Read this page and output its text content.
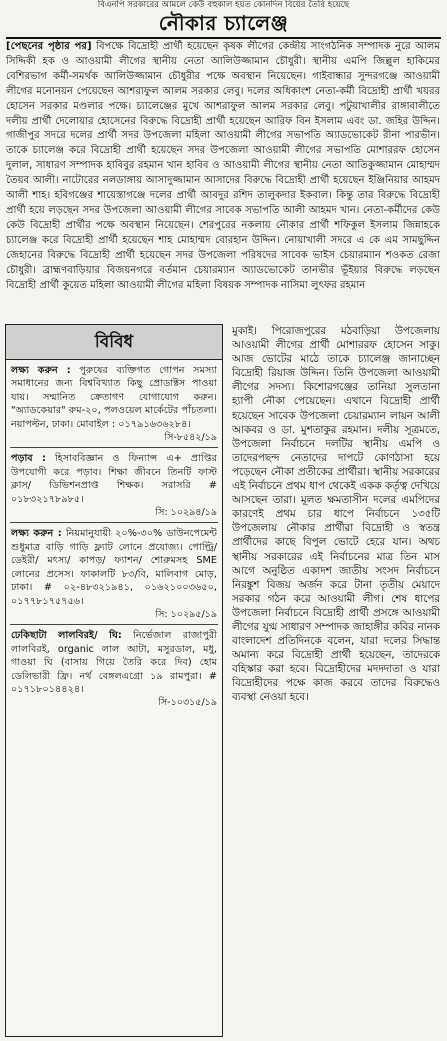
বিএনপি সরকারের আমলে কেউ বহুকাল হয়ত কোনদিন বিয়ের তৈরি হয়েছে
নৌকার চ্যালেঞ্জ
[পেছনের পৃষ্ঠার পর] বিপক্ষে বিদ্রোহী প্রার্থী হয়েছেন কৃষক লীগের কেন্দ্রীয় সাংগঠনিক সম্পাদক নুরে আলম সিদ্দিকী হক ও আওয়ামী লীগের স্থানীয় নেতা আলিউজ্জামান চৌধুরী। স্থানীয় এমপি জিল্লুল হাকিমের বেশিরভাগ কর্মী-সমর্থক আলিউজ্জামান চৌধুরীর পক্ষে অবস্থান নিয়েছেন। গাইবান্ধার সুন্দরগঞ্জে আওয়ামী লীগের মনোনয়ন পেয়েছেন আশরাফুল আলম সরকার লেবু। দলের অধিকাংশ নেতা-কর্মী বিদ্রোহী প্রার্থী খয়রর হোসেন সরকার মণ্ডলার পক্ষে। চ্যালেঞ্জের মুখে আশরাফুল আলম সরকার লেবু। পটুয়াখালীর রাঙ্গাবালীতে দলীয় প্রার্থী দেলোয়ার হোসেনের বিরুদ্ধে বিদ্রোহী প্রার্থী হয়েছেন আরিফ বিন ইসলাম এবং ডা. জহির উদ্দিন। গাজীপুর সদরে দলের প্রার্থী সদর উপজেলা মহিলা আওয়ামী লীগের সভাপতি অ্যাডভোকেট রীনা পারভীন। তাকে চ্যালেঞ্জ করে বিদ্রোহী প্রার্থী হয়েছেন সদর উপজেলা আওয়ামী লীগের সভাপতি মোশাররফ হোসেন দুলাল, সাধারণ সম্পাদক হাবিবুর রহমান খান হাবিব ও আওয়ামী লীগের স্থানীয় নেতা আতিকুজ্জামান মোহাম্মদ তৈয়ব আলী। নাটোরের নলডাঙ্গায় আসাদুজ্জামান আসাদের বিরুদ্ধে বিদ্রোহী প্রার্থী হয়েছেন ইঞ্জিনিয়ার আহমদ আলী শাহ। হবিগঞ্জের শায়েস্তাগঞ্জে দলের প্রার্থী আবদুর রশিদ তালুকদার ইকবাল। কিন্তু তার বিরুদ্ধে বিদ্রোহী প্রার্থী হয়ে লড়ছেন সদর উপজেলা আওয়ামী লীগের সাবেক সভাপতি আলী আহমদ খান। নেতা-কর্মীদের কেউ কেউ বিদ্রোহী প্রার্থীর পক্ষে অবস্থান নিয়েছেন। শেরপুরের নকলায় নৌকার প্রার্থী শফিকুল ইসলাম জিন্নাহকে চ্যালেঞ্জ করে বিদ্রোহী প্রার্থী হয়েছেন শাহ মোহাম্মদ বোরহান উদ্দিন। নোয়াখালী সদরে এ কে এম সামছুদ্দিন জেহানের বিরুদ্ধে বিদ্রোহী প্রার্থী হয়েছেন সদর উপজেলা পরিষদের সাবেক ভাইস চেয়ারম্যান শওকত রেজা চৌধুরী। ব্রাহ্মণবাড়িয়ার বিজয়নগরে বর্তমান চেয়ারম্যান অ্যাডভোকেট তানভীর ভূঁইয়ার বিরুদ্ধে লড়ছেন বিদ্রোহী প্রার্থী কুয়েত মহিলা আওয়ামী লীগের মহিলা বিষয়ক সম্পাদক নাসিমা লুৎফর রহমান
বিবিধ
লক্ষ্য করুন : পুরুষের ব্যক্তিগত গোপন সমস্যা সমাধানের জন্য বিশ্ববিখ্যাত কিছু প্রোডাক্টস পাওয়া যায়। সম্মানিত ক্রেতাগণ যোগাযোগ করুন। "অ্যাডকেয়ার" রুম-২০, পলওয়েল মার্কেটের পাঁচতলা। নয়াপল্টন, ঢাকা। মোবাইল : ০১৭৯১৬৩৬২৮৪।
সি-৮৫৪২/১৯
পড়াব : হিসাববিজ্ঞান ও ফিন্যান্স এ+ প্রাপ্তির উপযোগী করে পড়াব। শিক্ষা জীবনে তিনটি ফাস্ট ক্লাস/ ডিভিশনপ্রাপ্ত শিক্ষক। সরাসরি # ০১৮৩২১৭৮৯৮৫।
সি: ১০২৯৪/১৯
লক্ষ্য করুন : নিয়মানুযায়ী ২০%-৩০% ডাউনপেমেন্ট শুধুমাত্র বাড়ি গাড়ি ফ্ল্যাট লোনে প্রযোজ্য। পোল্ট্রি/ ডেইরী/ মৎস্য/ কাপড়/ ফ্যাশন/ শোরুমসহ SME লোনের প্রসেস। ফাকালটি ৮৩/বি, মালিবাগ মোড়, ঢাকা। # ০২-৪৮৩২১৯৪১, ০১৬২১০০৩৬৫০, ০১৭৭৮১৭৫৭৫৬।
সি: ১০২৯৫/১৯
ঢেকিছাটা লালবিরই/ ঘি: নির্ভেজাল রাজাপুরী লালবিরই, organic লাল আটা, মসুরডাল, মধু, গাওয়া ঘি (বাসায় গিয়ে তৈরি করে দিব) হোম ডেলিভারী ফ্রি। নর্থ বেঙ্গলএগ্রো ১৯ রামপুরা। # ০১৭১৮০১৪৪২৪।
সি-১০৩১৫/১৯
মুকাই। পিরোজপুরের মঠবাড়িয়া উপজেলায় আওয়ামী লীগের প্রার্থী মোশাররফ হোসেন সাকু। আজ ভোটের মাঠে তাকে চ্যালেঞ্জ জানাচ্ছেন বিদ্রোহী রিয়াজ উদ্দিন। তিনি উপজেলা আওয়ামী লীগের সদস্য। কিশোরগঞ্জের তানিয়া সুলতানা হ্যাপী নৌকা পেয়েছেন। এখানে বিদ্রোহী প্রার্থী হয়েছেন সাবেক উপজেলা চেয়ারম্যান লায়ন আলী আকবর ও ডা. মুশতাকুর রহমান। দলীয় সূত্রমতে, উপজেলা নির্বাচনে দলটির স্থানীয় এমপি ও তাদেরপছন্দ নেতাদের দাপটে কোণঠাসা হয়ে পড়েছেন নৌকা প্রতীকের প্রার্থীরা। স্থানীয় সরকারের এই নির্বাচনে প্রথম ধাপ থেকেই একক কর্তৃত্ব দেখিয়ে আসছেন তারা। মূলত ক্ষমতাসীন দলের এমপিদের কারণেই প্রথম চার ধাপে নির্বাচনে ১৩৫টি উপজেলায় নৌকার প্রার্থীরা বিদ্রোহী ও স্বতন্ত্র প্রার্থীদের কাছে বিপুল ভোটে হেরে যান। অথচ স্থানীয় সরকারের এই নির্বাচনের মাত্র তিন মাস আগে অনুষ্ঠিত একাদশ জাতীয় সংসদ নির্বাচনে নিরঙ্কুশ বিজয় অর্জন করে টানা তৃতীয় মেয়াদে সরকার গঠন করে আওয়ামী লীগ। শেষ ধাপের উপজেলা নির্বাচনে বিদ্রোহী প্রার্থী প্রসঙ্গে আওয়ামী লীগের যুগ্ম সাধারণ সম্পাদক জাহাঙ্গীর কবির নানক বাংলাদেশ প্রতিদিনকে বলেন, যারা দলের সিদ্ধান্ত অমান্য করে বিদ্রোহী প্রার্থী হয়েছেন, তাদেরকে বহিস্কার করা হবে। বিদ্রোহীদের মদদদাতা ও যারা বিদ্রোহীদের পক্ষে কাজ করবে তাদের বিরুদ্ধেও ব্যবস্থা নেওয়া হবে।
